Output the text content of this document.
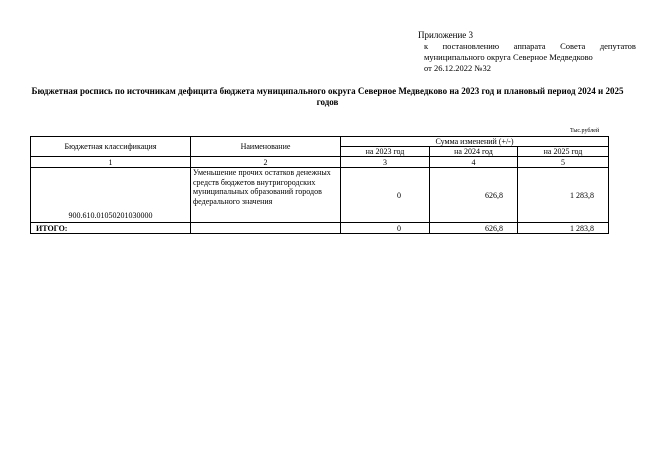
Приложение 3
к постановлению аппарата Совета депутатов
муниципального округа Северное Медведково
от 26.12.2022 №32
Бюджетная роспись по источникам дефицита бюджета муниципального округа Северное Медведково на 2023 год и плановый период 2024 и 2025 годов
Тыс.рублей
Бюджетная классификация	Наименование	Сумма изменений (+/-)		
		на 2023 год	на 2024 год	на 2025 год
1	2	3	4	5
900.610.01050201030000	Уменьшение прочих остатков денежных средств бюджетов внутригородских муниципальных образований городов федерального значения	0	626,8	1 283,8
ИТОГО:		0	626,8	1 283,8
